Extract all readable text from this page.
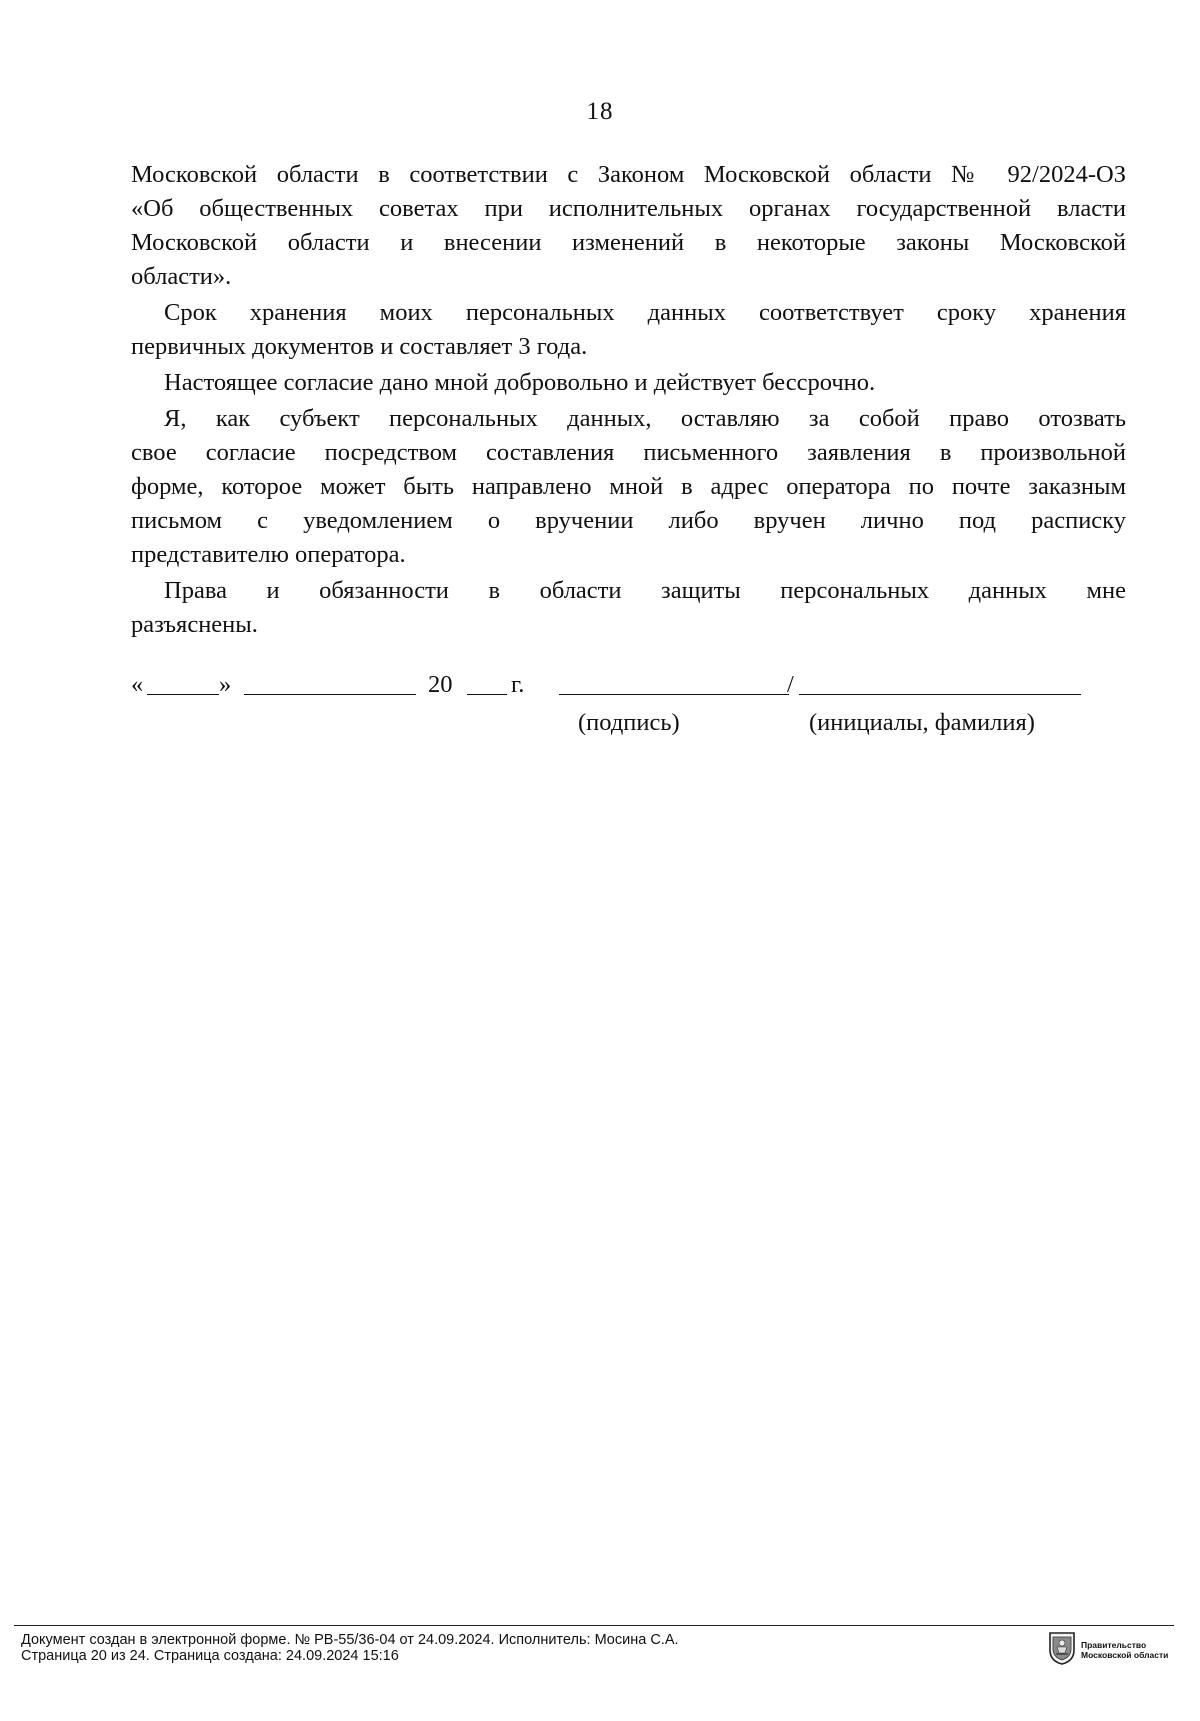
18

Московской области в соответствии с Законом Московской области № 92/2024-ОЗ
«Об общественных советах при исполнительных органах государственной власти
Московской области и внесении изменений в некоторые законы Московской
области».

Срок хранения моих персональных данных соответствует сроку хранения
первичных документов и составляет 3 года.

Настоящее согласие дано мной добровольно и действует бессрочно.

Я, как субъект персональных данных, оставляю за собой право отозвать
свое согласие посредством составления письменного заявления в произвольной
форме, которое может быть направлено мной в адрес оператора по почте заказным
письмом с уведомлением о вручении либо вручен лично под расписку
представителю оператора.

Права и обязанности в области защиты персональных данных мне
разъяснены.

«	»	20 г.	/
(подпись)	(инициалы, фамилия)
Документ создан в электронной форме. № РВ-55/36-04 от 24.09.2024. Исполнитель: Мосина С.А.
Страница 20 из 24. Страница создана: 24.09.2024 15:16
Правительство
Московской области
